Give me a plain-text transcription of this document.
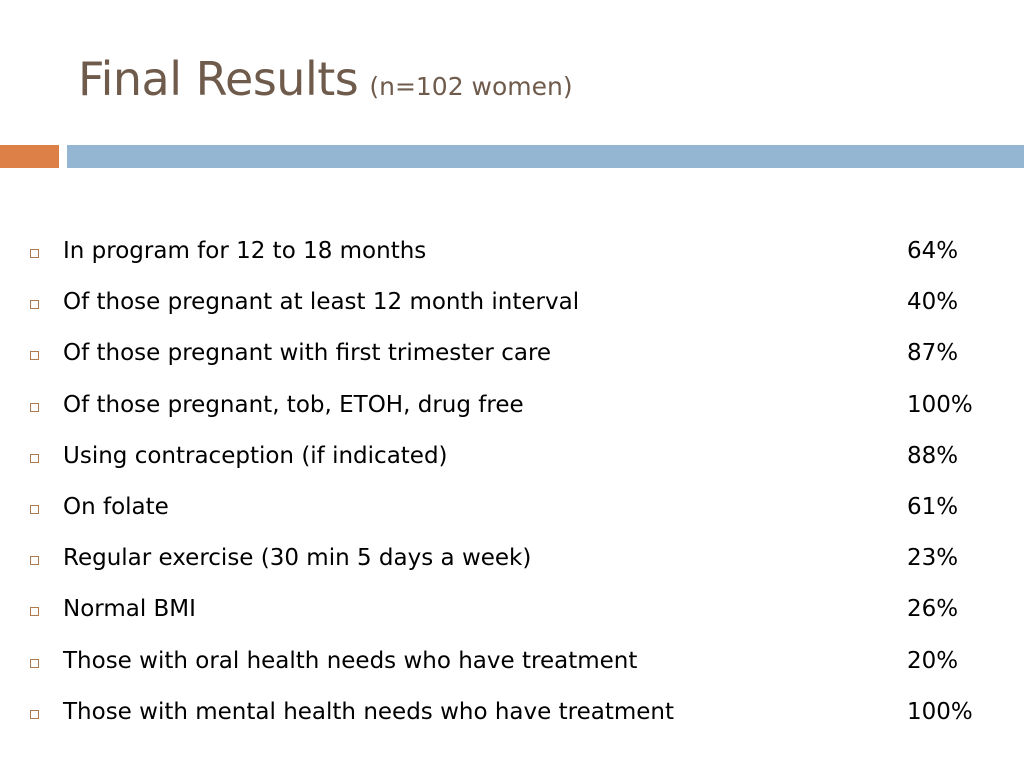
Final Results (n=102 women)
In program for 12 to 18 months	64%
Of those pregnant at least 12 month interval	40%
Of those pregnant with first trimester care	87%
Of those pregnant, tob, ETOH, drug free	100%
Using contraception (if indicated)	88%
On folate	61%
Regular exercise (30 min 5 days a week)	23%
Normal BMI	26%
Those with oral health needs who have treatment	20%
Those with mental health needs who have treatment	100%
